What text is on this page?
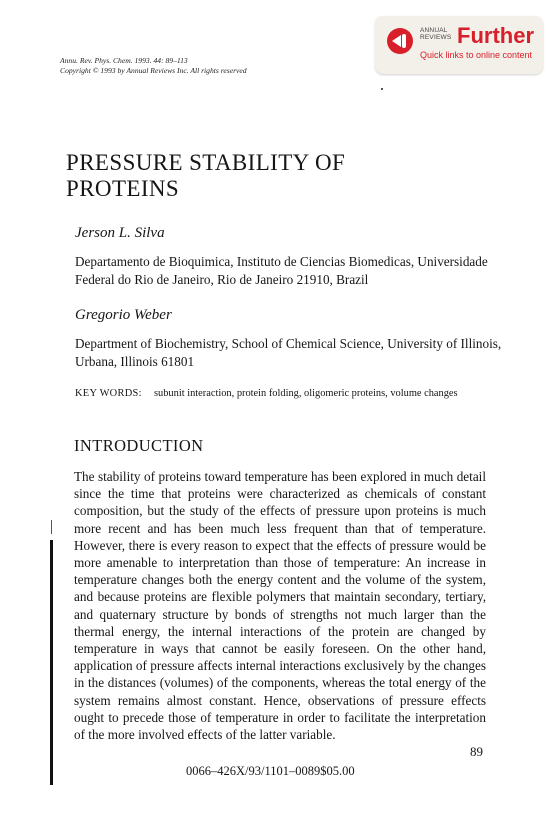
Annu. Rev. Phys. Chem. 1993. 44: 89–113
Copyright © 1993 by Annual Reviews Inc. All rights reserved
ANNUAL
REVIEWS Further
Quick links to online content
PRESSURE STABILITY OF
PROTEINS
Jerson L. Silva
Departamento de Bioquimica, Instituto de Ciencias Biomedicas, Universidade Federal do Rio de Janeiro, Rio de Janeiro 21910, Brazil
Gregorio Weber
Department of Biochemistry, School of Chemical Science, University of Illinois, Urbana, Illinois 61801
KEY WORDS: subunit interaction, protein folding, oligomeric proteins, volume changes
INTRODUCTION
The stability of proteins toward temperature has been explored in much detail since the time that proteins were characterized as chemicals of constant composition, but the study of the effects of pressure upon proteins is much more recent and has been much less frequent than that of temperature. However, there is every reason to expect that the effects of pressure would be more amenable to interpretation than those of temperature: An increase in temperature changes both the energy content and the volume of the system, and because proteins are flexible polymers that maintain secondary, tertiary, and quaternary structure by bonds of strengths not much larger than the thermal energy, the internal interactions of the protein are changed by temperature in ways that cannot be easily foreseen. On the other hand, application of pressure affects internal interactions exclusively by the changes in the distances (volumes) of the components, whereas the total energy of the system remains almost constant. Hence, observations of pressure effects ought to precede those of temperature in order to facilitate the interpretation of the more involved effects of the latter variable.
89
0066–426X/93/1101–0089$05.00
